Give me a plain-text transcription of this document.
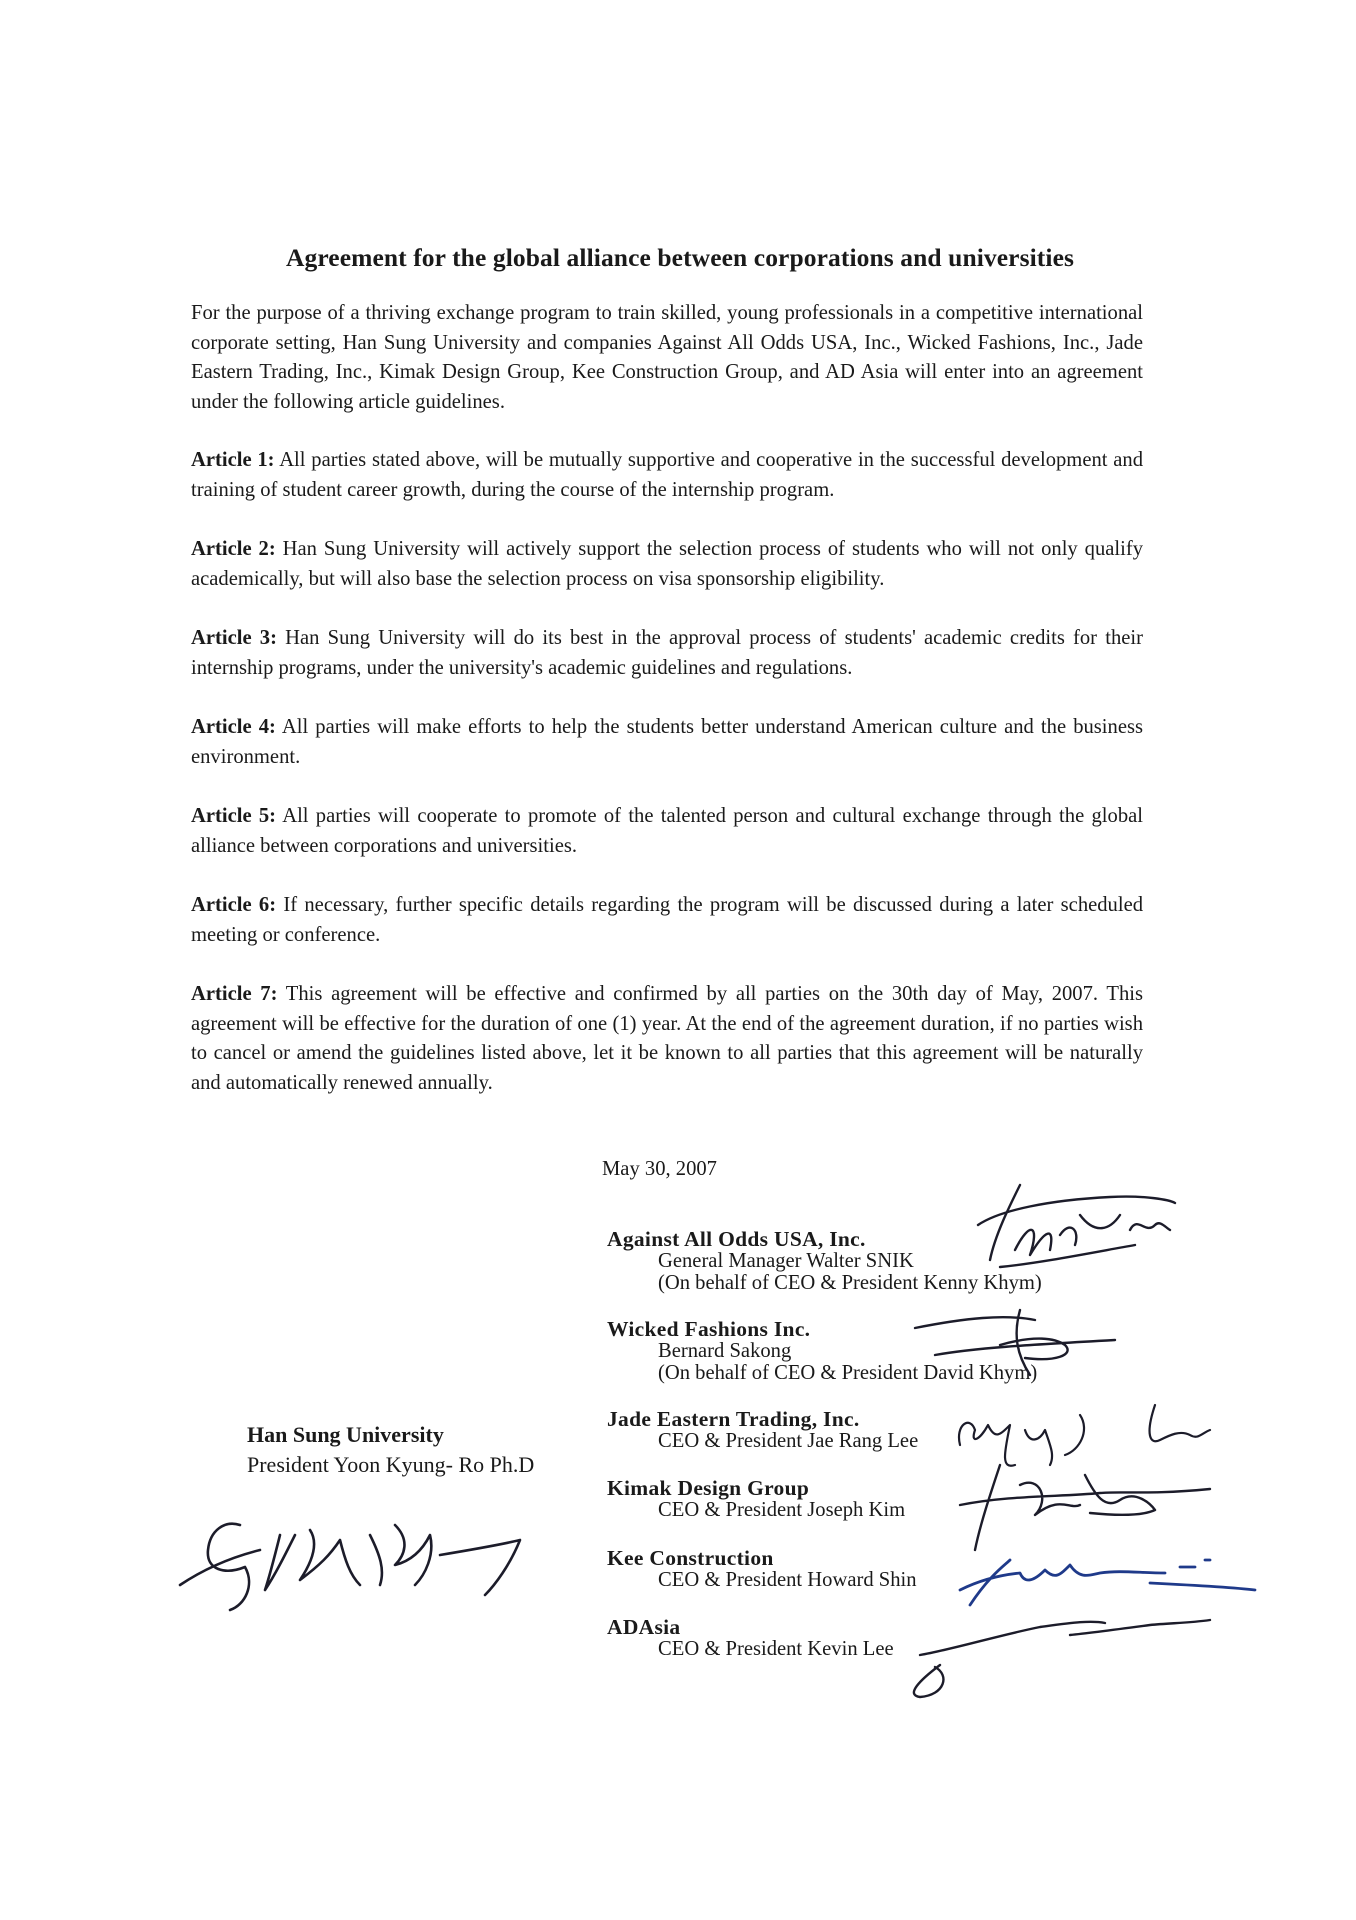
Agreement for the global alliance between corporations and universities

For the purpose of a thriving exchange program to train skilled, young professionals in a competitive international corporate setting, Han Sung University and companies Against All Odds USA, Inc., Wicked Fashions, Inc., Jade Eastern Trading, Inc., Kimak Design Group, Kee Construction Group, and AD Asia will enter into an agreement under the following article guidelines.

Article 1: All parties stated above, will be mutually supportive and cooperative in the successful development and training of student career growth, during the course of the internship program.

Article 2: Han Sung University will actively support the selection process of students who will not only qualify academically, but will also base the selection process on visa sponsorship eligibility.

Article 3: Han Sung University will do its best in the approval process of students' academic credits for their internship programs, under the university's academic guidelines and regulations.

Article 4: All parties will make efforts to help the students better understand American culture and the business environment.

Article 5: All parties will cooperate to promote of the talented person and cultural exchange through the global alliance between corporations and universities.

Article 6: If necessary, further specific details regarding the program will be discussed during a later scheduled meeting or conference.

Article 7: This agreement will be effective and confirmed by all parties on the 30th day of May, 2007. This agreement will be effective for the duration of one (1) year. At the end of the agreement duration, if no parties wish to cancel or amend the guidelines listed above, let it be known to all parties that this agreement will be naturally and automatically renewed annually.

May 30, 2007

Against All Odds USA, Inc.
General Manager Walter SNIK
(On behalf of CEO & President Kenny Khym)
Wicked Fashions Inc.
Bernard Sakong
(On behalf of CEO & President David Khym)
Jade Eastern Trading, Inc.
CEO & President Jae Rang Lee
Kimak Design Group
CEO & President Joseph Kim
Kee Construction
CEO & President Howard Shin
ADAsia
CEO & President Kevin Lee
Han Sung University
President Yoon Kyung- Ro Ph.D
